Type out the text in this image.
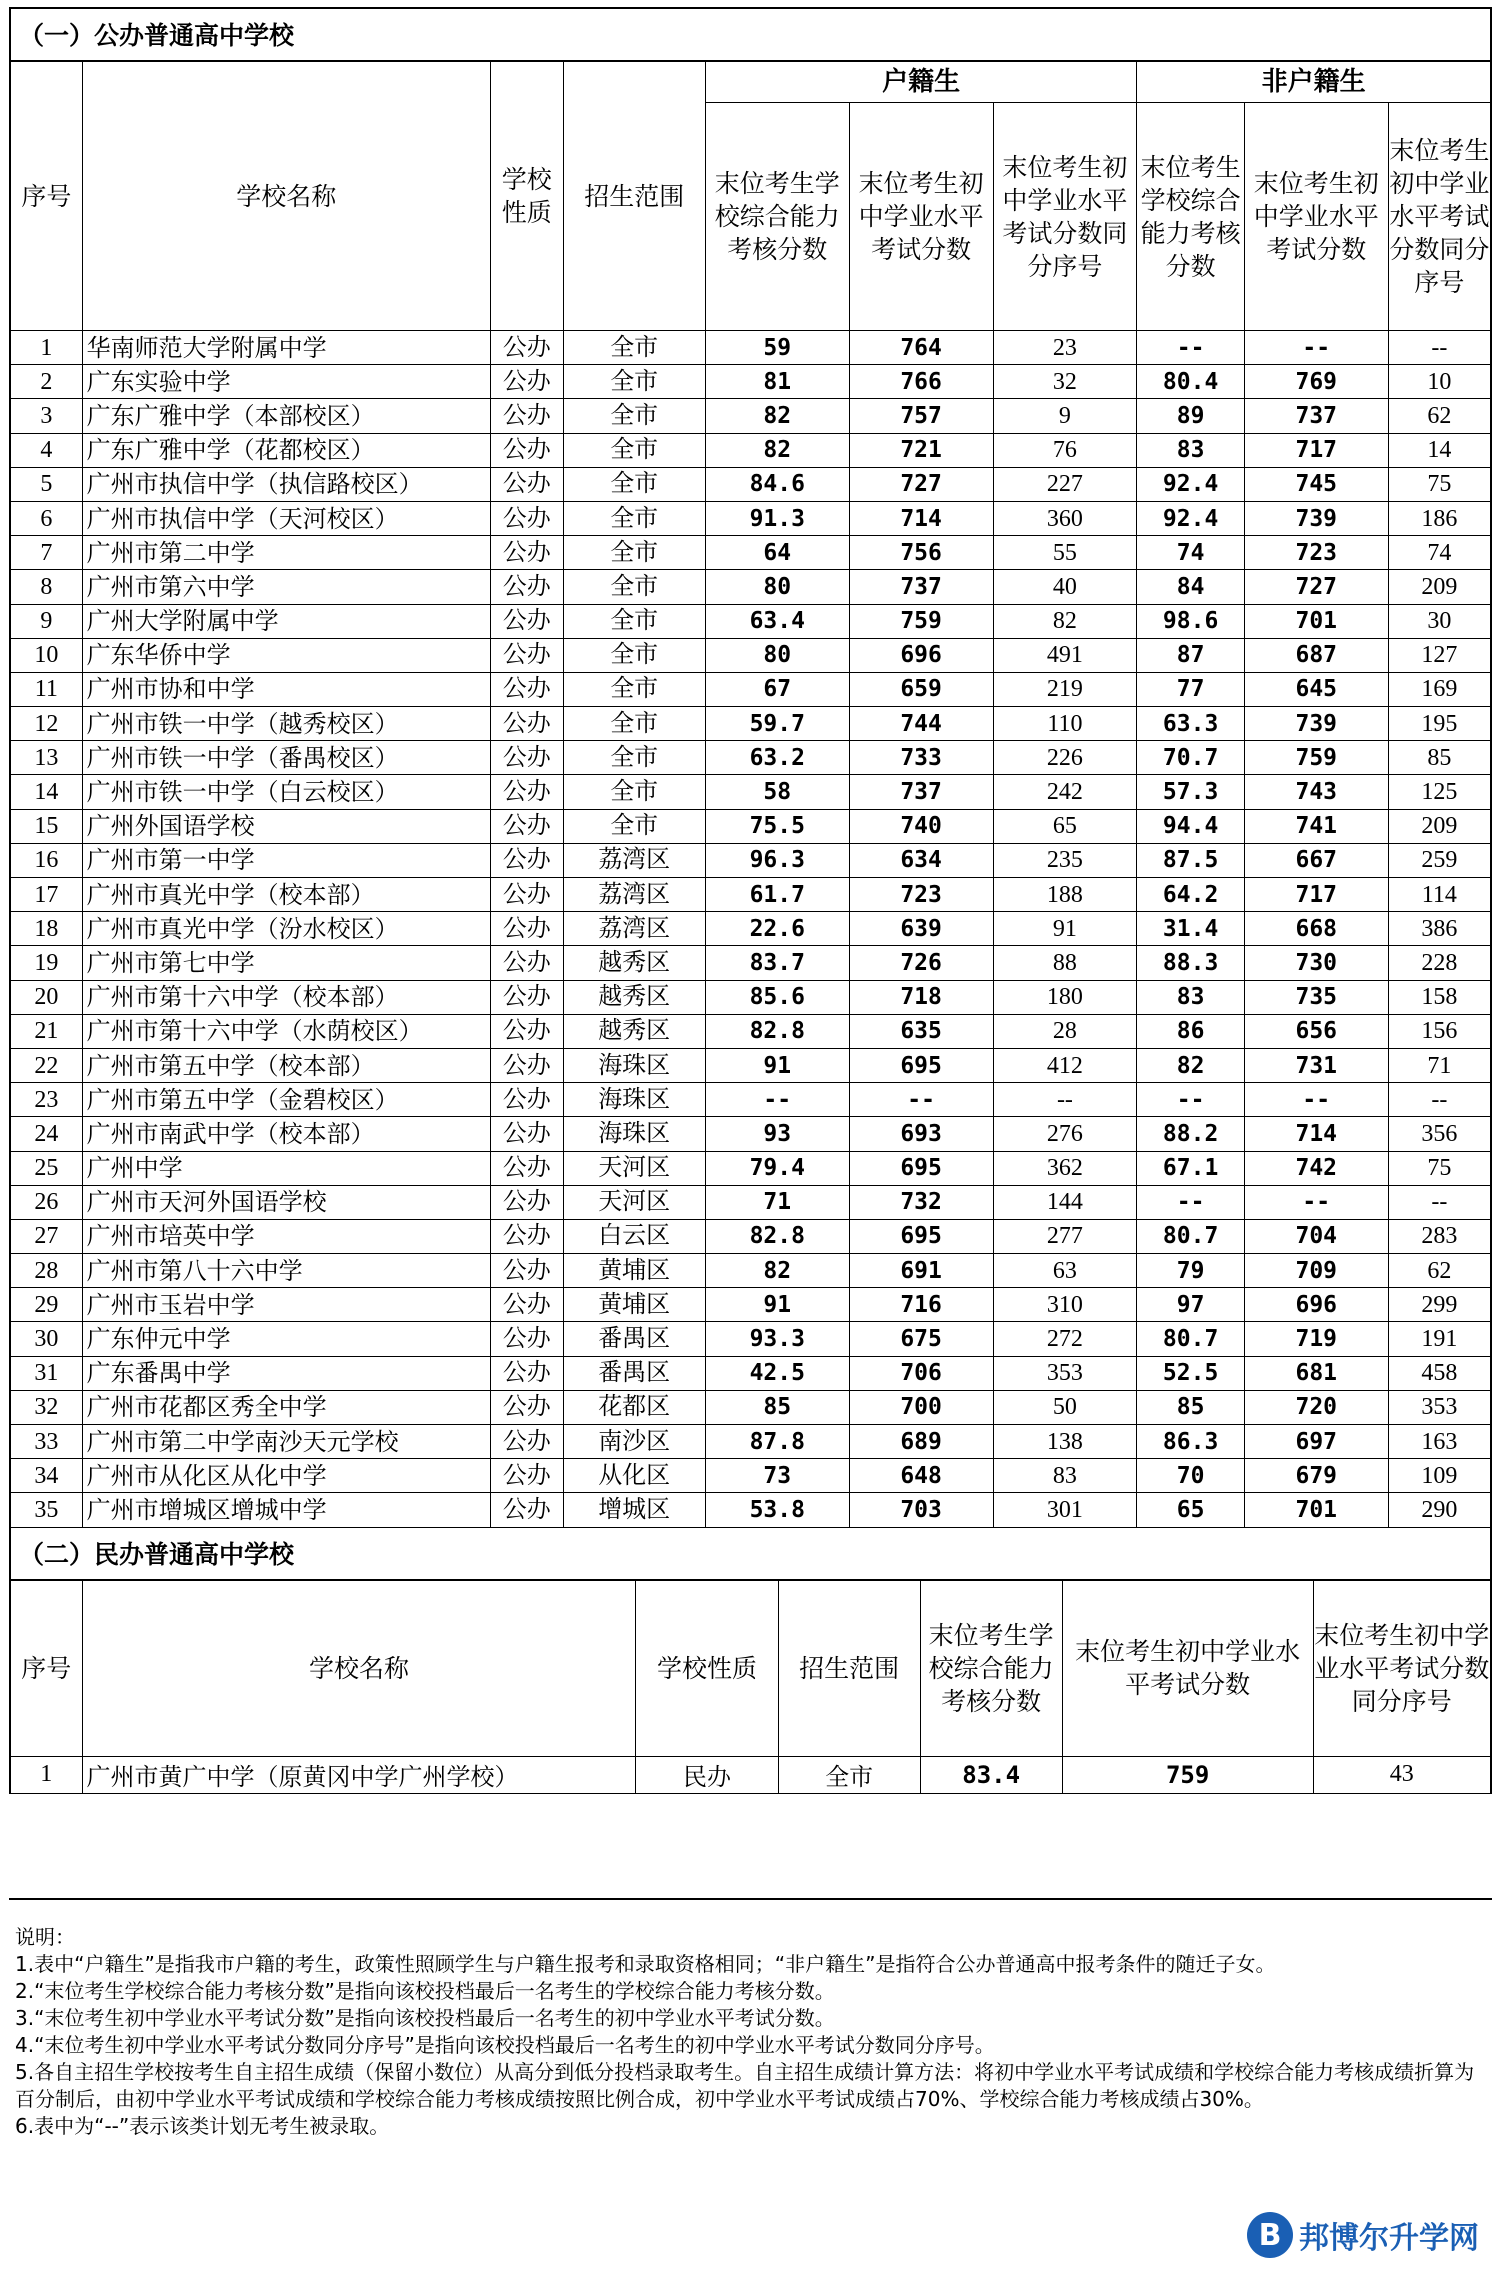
（一）公办普通高中学校
序号	学校名称	学校性质	招生范围	户籍生			非户籍生		
				末位考生学校综合能力考核分数	末位考生初中学业水平考试分数	末位考生初中学业水平考试分数同分序号	末位考生学校综合能力考核分数	末位考生初中学业水平考试分数	末位考生初中学业水平考试分数同分序号
1	华南师范大学附属中学	公办	全市	59	764	23	--	--	--
2	广东实验中学	公办	全市	81	766	32	80.4	769	10
3	广东广雅中学（本部校区）	公办	全市	82	757	9	89	737	62
4	广东广雅中学（花都校区）	公办	全市	82	721	76	83	717	14
5	广州市执信中学（执信路校区）	公办	全市	84.6	727	227	92.4	745	75
6	广州市执信中学（天河校区）	公办	全市	91.3	714	360	92.4	739	186
7	广州市第二中学	公办	全市	64	756	55	74	723	74
8	广州市第六中学	公办	全市	80	737	40	84	727	209
9	广州大学附属中学	公办	全市	63.4	759	82	98.6	701	30
10	广东华侨中学	公办	全市	80	696	491	87	687	127
11	广州市协和中学	公办	全市	67	659	219	77	645	169
12	广州市铁一中学（越秀校区）	公办	全市	59.7	744	110	63.3	739	195
13	广州市铁一中学（番禺校区）	公办	全市	63.2	733	226	70.7	759	85
14	广州市铁一中学（白云校区）	公办	全市	58	737	242	57.3	743	125
15	广州外国语学校	公办	全市	75.5	740	65	94.4	741	209
16	广州市第一中学	公办	荔湾区	96.3	634	235	87.5	667	259
17	广州市真光中学（校本部）	公办	荔湾区	61.7	723	188	64.2	717	114
18	广州市真光中学（汾水校区）	公办	荔湾区	22.6	639	91	31.4	668	386
19	广州市第七中学	公办	越秀区	83.7	726	88	88.3	730	228
20	广州市第十六中学（校本部）	公办	越秀区	85.6	718	180	83	735	158
21	广州市第十六中学（水荫校区）	公办	越秀区	82.8	635	28	86	656	156
22	广州市第五中学（校本部）	公办	海珠区	91	695	412	82	731	71
23	广州市第五中学（金碧校区）	公办	海珠区	--	--	--	--	--	--
24	广州市南武中学（校本部）	公办	海珠区	93	693	276	88.2	714	356
25	广州中学	公办	天河区	79.4	695	362	67.1	742	75
26	广州市天河外国语学校	公办	天河区	71	732	144	--	--	--
27	广州市培英中学	公办	白云区	82.8	695	277	80.7	704	283
28	广州市第八十六中学	公办	黄埔区	82	691	63	79	709	62
29	广州市玉岩中学	公办	黄埔区	91	716	310	97	696	299
30	广东仲元中学	公办	番禺区	93.3	675	272	80.7	719	191
31	广东番禺中学	公办	番禺区	42.5	706	353	52.5	681	458
32	广州市花都区秀全中学	公办	花都区	85	700	50	85	720	353
33	广州市第二中学南沙天元学校	公办	南沙区	87.8	689	138	86.3	697	163
34	广州市从化区从化中学	公办	从化区	73	648	83	70	679	109
35	广州市增城区增城中学	公办	增城区	53.8	703	301	65	701	290
（二）民办普通高中学校
序号	学校名称	学校性质	招生范围	末位考生学校综合能力考核分数	末位考生初中学业水平考试分数	末位考生初中学业水平考试分数同分序号
1	广州市黄广中学（原黄冈中学广州学校）	民办	全市	83.4	759	43
说明：
1.表中“户籍生”是指我市户籍的考生，政策性照顾学生与户籍生报考和录取资格相同；“非户籍生”是指符合公办普通高中报考条件的随迁子女。
2.“末位考生学校综合能力考核分数”是指向该校投档最后一名考生的学校综合能力考核分数。
3.“末位考生初中学业水平考试分数”是指向该校投档最后一名考生的初中学业水平考试分数。
4.“末位考生初中学业水平考试分数同分序号”是指向该校投档最后一名考生的初中学业水平考试分数同分序号。
5.各自主招生学校按考生自主招生成绩（保留小数位）从高分到低分投档录取考生。自主招生成绩计算方法：将初中学业水平考试成绩和学校综合能力考核成绩折算为百分制后，由初中学业水平考试成绩和学校综合能力考核成绩按照比例合成，初中学业水平考试成绩占70%、学校综合能力考核成绩占30%。
6.表中为“--”表示该类计划无考生被录取。
B 邦博尔升学网
